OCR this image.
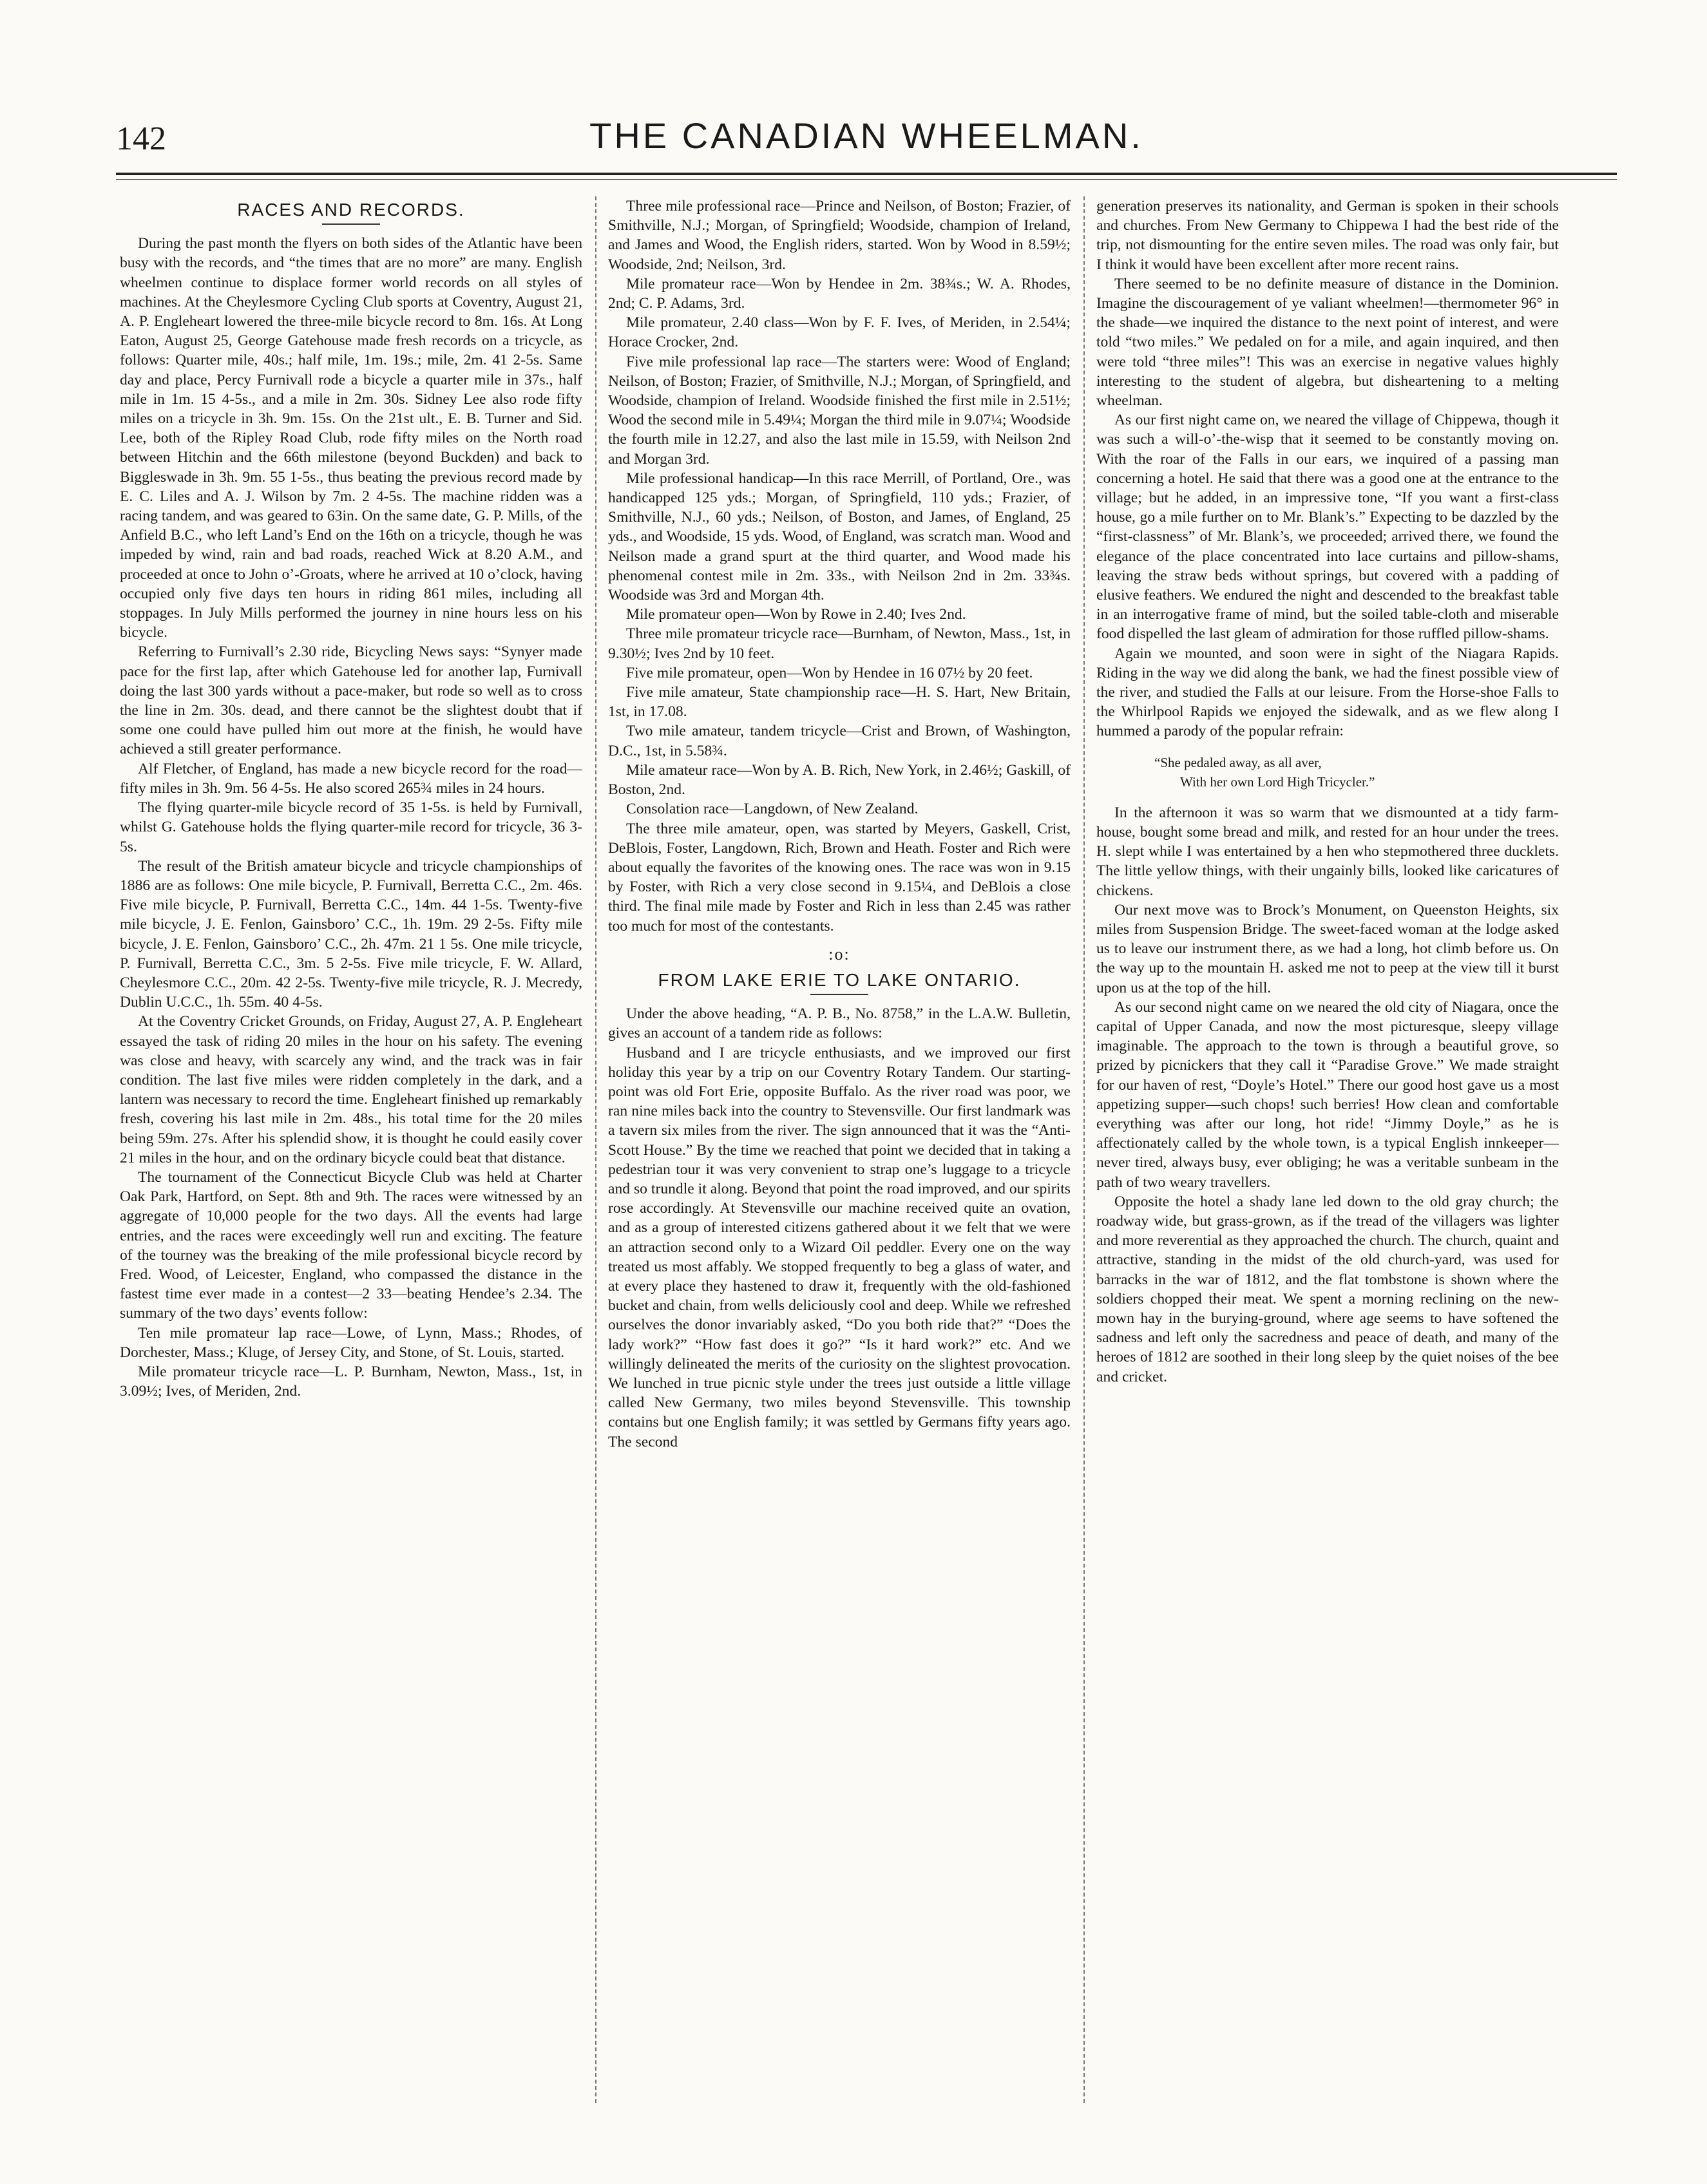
142	THE CANADIAN WHEELMAN.
RACES AND RECORDS.

During the past month the flyers on both sides of the Atlantic have been busy with the records, and “the times that are no more” are many. English wheelmen continue to displace former world records on all styles of machines. At the Cheylesmore Cycling Club sports at Coventry, August 21, A. P. Engleheart lowered the three-mile bicycle record to 8m. 16s. At Long Eaton, August 25, George Gatehouse made fresh records on a tricycle, as follows: Quarter mile, 40s.; half mile, 1m. 19s.; mile, 2m. 41 2-5s. Same day and place, Percy Furnivall rode a bicycle a quarter mile in 37s., half mile in 1m. 15 4-5s., and a mile in 2m. 30s. Sidney Lee also rode fifty miles on a tricycle in 3h. 9m. 15s. On the 21st ult., E. B. Turner and Sid. Lee, both of the Ripley Road Club, rode fifty miles on the North road between Hitchin and the 66th milestone (beyond Buckden) and back to Biggleswade in 3h. 9m. 55 1-5s., thus beating the previous record made by E. C. Liles and A. J. Wilson by 7m. 2 4-5s. The machine ridden was a racing tandem, and was geared to 63in. On the same date, G. P. Mills, of the Anfield B.C., who left Land’s End on the 16th on a tricycle, though he was impeded by wind, rain and bad roads, reached Wick at 8.20 A.M., and proceeded at once to John o’-Groats, where he arrived at 10 o’clock, having occupied only five days ten hours in riding 861 miles, including all stoppages. In July Mills performed the journey in nine hours less on his bicycle.

Referring to Furnivall’s 2.30 ride, Bicycling News says: “Synyer made pace for the first lap, after which Gatehouse led for another lap, Furnivall doing the last 300 yards without a pace-maker, but rode so well as to cross the line in 2m. 30s. dead, and there cannot be the slightest doubt that if some one could have pulled him out more at the finish, he would have achieved a still greater performance.

Alf Fletcher, of England, has made a new bicycle record for the road—fifty miles in 3h. 9m. 56 4-5s. He also scored 265¾ miles in 24 hours.

The flying quarter-mile bicycle record of 35 1-5s. is held by Furnivall, whilst G. Gatehouse holds the flying quarter-mile record for tricycle, 36 3-5s.

The result of the British amateur bicycle and tricycle championships of 1886 are as follows: One mile bicycle, P. Furnivall, Berretta C.C., 2m. 46s. Five mile bicycle, P. Furnivall, Berretta C.C., 14m. 44 1-5s. Twenty-five mile bicycle, J. E. Fenlon, Gainsboro’ C.C., 1h. 19m. 29 2-5s. Fifty mile bicycle, J. E. Fenlon, Gainsboro’ C.C., 2h. 47m. 21 1 5s. One mile tricycle, P. Furnivall, Berretta C.C., 3m. 5 2-5s. Five mile tricycle, F. W. Allard, Cheylesmore C.C., 20m. 42 2-5s. Twenty-five mile tricycle, R. J. Mecredy, Dublin U.C.C., 1h. 55m. 40 4-5s.

At the Coventry Cricket Grounds, on Friday, August 27, A. P. Engleheart essayed the task of riding 20 miles in the hour on his safety. The evening was close and heavy, with scarcely any wind, and the track was in fair condition. The last five miles were ridden completely in the dark, and a lantern was necessary to record the time. Engleheart finished up remarkably fresh, covering his last mile in 2m. 48s., his total time for the 20 miles being 59m. 27s. After his splendid show, it is thought he could easily cover 21 miles in the hour, and on the ordinary bicycle could beat that distance.

The tournament of the Connecticut Bicycle Club was held at Charter Oak Park, Hartford, on Sept. 8th and 9th. The races were witnessed by an aggregate of 10,000 people for the two days. All the events had large entries, and the races were exceedingly well run and exciting. The feature of the tourney was the breaking of the mile professional bicycle record by Fred. Wood, of Leicester, England, who compassed the distance in the fastest time ever made in a contest—2 33—beating Hendee’s 2.34. The summary of the two days’ events follow:

Ten mile promateur lap race—Lowe, of Lynn, Mass.; Rhodes, of Dorchester, Mass.; Kluge, of Jersey City, and Stone, of St. Louis, started.

Mile promateur tricycle race—L. P. Burnham, Newton, Mass., 1st, in 3.09½; Ives, of Meriden, 2nd.

Three mile professional race—Prince and Neilson, of Boston; Frazier, of Smithville, N.J.; Morgan, of Springfield; Woodside, champion of Ireland, and James and Wood, the English riders, started. Won by Wood in 8.59½; Woodside, 2nd; Neilson, 3rd.

Mile promateur race—Won by Hendee in 2m. 38¾s.; W. A. Rhodes, 2nd; C. P. Adams, 3rd.

Mile promateur, 2.40 class—Won by F. F. Ives, of Meriden, in 2.54¼; Horace Crocker, 2nd.

Five mile professional lap race—The starters were: Wood of England; Neilson, of Boston; Frazier, of Smithville, N.J.; Morgan, of Springfield, and Woodside, champion of Ireland. Woodside finished the first mile in 2.51½; Wood the second mile in 5.49¼; Morgan the third mile in 9.07¼; Woodside the fourth mile in 12.27, and also the last mile in 15.59, with Neilson 2nd and Morgan 3rd.

Mile professional handicap—In this race Merrill, of Portland, Ore., was handicapped 125 yds.; Morgan, of Springfield, 110 yds.; Frazier, of Smithville, N.J., 60 yds.; Neilson, of Boston, and James, of England, 25 yds., and Woodside, 15 yds. Wood, of England, was scratch man. Wood and Neilson made a grand spurt at the third quarter, and Wood made his phenomenal contest mile in 2m. 33s., with Neilson 2nd in 2m. 33¾s. Woodside was 3rd and Morgan 4th.

Mile promateur open—Won by Rowe in 2.40; Ives 2nd.

Three mile promateur tricycle race—Burnham, of Newton, Mass., 1st, in 9.30½; Ives 2nd by 10 feet.

Five mile promateur, open—Won by Hendee in 16 07½ by 20 feet.

Five mile amateur, State championship race—H. S. Hart, New Britain, 1st, in 17.08.

Two mile amateur, tandem tricycle—Crist and Brown, of Washington, D.C., 1st, in 5.58¾.

Mile amateur race—Won by A. B. Rich, New York, in 2.46½; Gaskill, of Boston, 2nd.

Consolation race—Langdown, of New Zealand.

The three mile amateur, open, was started by Meyers, Gaskell, Crist, DeBlois, Foster, Langdown, Rich, Brown and Heath. Foster and Rich were about equally the favorites of the knowing ones. The race was won in 9.15 by Foster, with Rich a very close second in 9.15¼, and DeBlois a close third. The final mile made by Foster and Rich in less than 2.45 was rather too much for most of the contestants.

:o:
FROM LAKE ERIE TO LAKE ONTARIO.

Under the above heading, “A. P. B., No. 8758,” in the L.A.W. Bulletin, gives an account of a tandem ride as follows:

Husband and I are tricycle enthusiasts, and we improved our first holiday this year by a trip on our Coventry Rotary Tandem. Our starting-point was old Fort Erie, opposite Buffalo. As the river road was poor, we ran nine miles back into the country to Stevensville. Our first landmark was a tavern six miles from the river. The sign announced that it was the “Anti-Scott House.” By the time we reached that point we decided that in taking a pedestrian tour it was very convenient to strap one’s luggage to a tricycle and so trundle it along. Beyond that point the road improved, and our spirits rose accordingly. At Stevensville our machine received quite an ovation, and as a group of interested citizens gathered about it we felt that we were an attraction second only to a Wizard Oil peddler. Every one on the way treated us most affably. We stopped frequently to beg a glass of water, and at every place they hastened to draw it, frequently with the old-fashioned bucket and chain, from wells deliciously cool and deep. While we refreshed ourselves the donor invariably asked, “Do you both ride that?” “Does the lady work?” “How fast does it go?” “Is it hard work?” etc. And we willingly delineated the merits of the curiosity on the slightest provocation. We lunched in true picnic style under the trees just outside a little village called New Germany, two miles beyond Stevensville. This township contains but one English family; it was settled by Germans fifty years ago. The second

generation preserves its nationality, and German is spoken in their schools and churches. From New Germany to Chippewa I had the best ride of the trip, not dismounting for the entire seven miles. The road was only fair, but I think it would have been excellent after more recent rains.

There seemed to be no definite measure of distance in the Dominion. Imagine the discouragement of ye valiant wheelmen!—thermometer 96° in the shade—we inquired the distance to the next point of interest, and were told “two miles.” We pedaled on for a mile, and again inquired, and then were told “three miles”! This was an exercise in negative values highly interesting to the student of algebra, but disheartening to a melting wheelman.

As our first night came on, we neared the village of Chippewa, though it was such a will-o’-the-wisp that it seemed to be constantly moving on. With the roar of the Falls in our ears, we inquired of a passing man concerning a hotel. He said that there was a good one at the entrance to the village; but he added, in an impressive tone, “If you want a first-class house, go a mile further on to Mr. Blank’s.” Expecting to be dazzled by the “first-classness” of Mr. Blank’s, we proceeded; arrived there, we found the elegance of the place concentrated into lace curtains and pillow-shams, leaving the straw beds without springs, but covered with a padding of elusive feathers. We endured the night and descended to the breakfast table in an interrogative frame of mind, but the soiled table-cloth and miserable food dispelled the last gleam of admiration for those ruffled pillow-shams.

Again we mounted, and soon were in sight of the Niagara Rapids. Riding in the way we did along the bank, we had the finest possible view of the river, and studied the Falls at our leisure. From the Horse-shoe Falls to the Whirlpool Rapids we enjoyed the sidewalk, and as we flew along I hummed a parody of the popular refrain:

“She pedaled away, as all aver,
With her own Lord High Tricycler.”

In the afternoon it was so warm that we dismounted at a tidy farm-house, bought some bread and milk, and rested for an hour under the trees. H. slept while I was entertained by a hen who stepmothered three ducklets. The little yellow things, with their ungainly bills, looked like caricatures of chickens.

Our next move was to Brock’s Monument, on Queenston Heights, six miles from Suspension Bridge. The sweet-faced woman at the lodge asked us to leave our instrument there, as we had a long, hot climb before us. On the way up to the mountain H. asked me not to peep at the view till it burst upon us at the top of the hill.

As our second night came on we neared the old city of Niagara, once the capital of Upper Canada, and now the most picturesque, sleepy village imaginable. The approach to the town is through a beautiful grove, so prized by picnickers that they call it “Paradise Grove.” We made straight for our haven of rest, “Doyle’s Hotel.” There our good host gave us a most appetizing supper—such chops! such berries! How clean and comfortable everything was after our long, hot ride! “Jimmy Doyle,” as he is affectionately called by the whole town, is a typical English innkeeper—never tired, always busy, ever obliging; he was a veritable sunbeam in the path of two weary travellers.

Opposite the hotel a shady lane led down to the old gray church; the roadway wide, but grass-grown, as if the tread of the villagers was lighter and more reverential as they approached the church. The church, quaint and attractive, standing in the midst of the old church-yard, was used for barracks in the war of 1812, and the flat tombstone is shown where the soldiers chopped their meat. We spent a morning reclining on the new-mown hay in the burying-ground, where age seems to have softened the sadness and left only the sacredness and peace of death, and many of the heroes of 1812 are soothed in their long sleep by the quiet noises of the bee and cricket.
